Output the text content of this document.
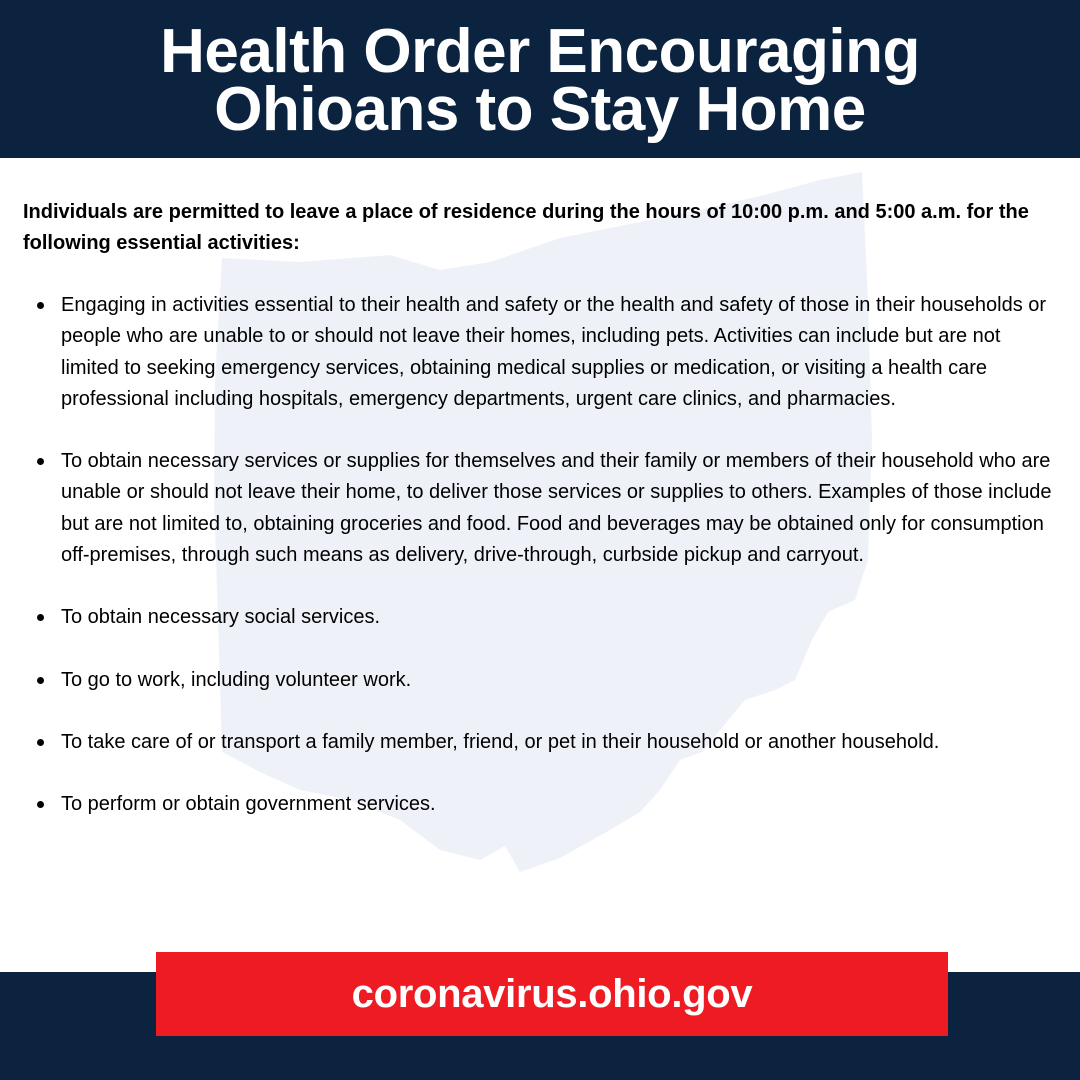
Health Order Encouraging
Ohioans to Stay Home

Individuals are permitted to leave a place of residence during the hours of 10:00 p.m. and 5:00 a.m. for the following essential activities:

Engaging in activities essential to their health and safety or the health and safety of those in their households or people who are unable to or should not leave their homes, including pets. Activities can include but are not limited to seeking emergency services, obtaining medical supplies or medication, or visiting a health care professional including hospitals, emergency departments, urgent care clinics, and pharmacies.
To obtain necessary services or supplies for themselves and their family or members of their household who are unable or should not leave their home, to deliver those services or supplies to others. Examples of those include but are not limited to, obtaining groceries and food. Food and beverages may be obtained only for consumption off-premises, through such means as delivery, drive-through, curbside pickup and carryout.
To obtain necessary social services.
To go to work, including volunteer work.
To take care of or transport a family member, friend, or pet in their household or another household.
To perform or obtain government services.
coronavirus.ohio.gov
